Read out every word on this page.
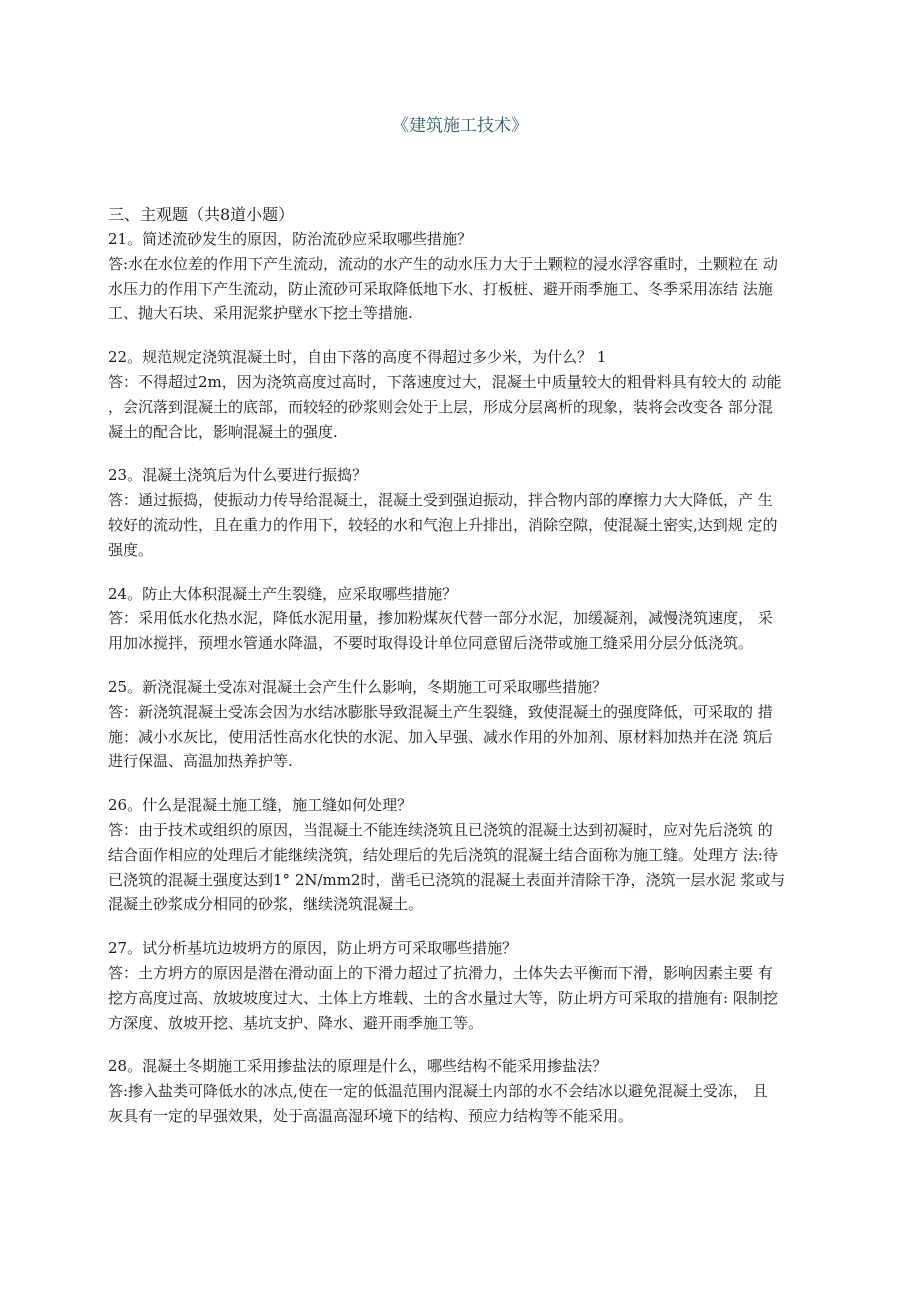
《建筑施工技术》
三、主观题（共8道小题）
21。简述流砂发生的原因，防治流砂应采取哪些措施？
答:水在水位差的作用下产生流动，流动的水产生的动水压力大于土颗粒的浸水浮容重时，土颗粒在 动
水压力的作用下产生流动，防止流砂可采取降低地下水、打板桩、避开雨季施工、冬季采用冻结 法施
工、抛大石块、采用泥浆护壁水下挖土等措施.
22。规范规定浇筑混凝土时，自由下落的高度不得超过多少米，为什么？ 1
答：不得超过2m，因为浇筑高度过高时，下落速度过大，混凝土中质量较大的粗骨料具有较大的 动能
，会沉落到混凝土的底部，而较轻的砂浆则会处于上层，形成分层离析的现象，装将会改变各 部分混
凝土的配合比，影响混凝土的强度.
23。混凝土浇筑后为什么要进行振捣？
答：通过振捣，使振动力传导给混凝土，混凝土受到强迫振动，拌合物内部的摩擦力大大降低，产 生
较好的流动性，且在重力的作用下，较轻的水和气泡上升排出，消除空隙，使混凝土密实,达到规 定的
强度。
24。防止大体积混凝土产生裂缝，应采取哪些措施？
答：采用低水化热水泥，降低水泥用量，掺加粉煤灰代替一部分水泥，加缓凝剂，减慢浇筑速度， 采
用加冰搅拌，预埋水管通水降温，不要时取得设计单位同意留后浇带或施工缝采用分层分低浇筑。
25。新浇混凝土受冻对混凝土会产生什么影响，冬期施工可采取哪些措施？
答：新浇筑混凝土受冻会因为水结冰膨胀导致混凝土产生裂缝，致使混凝土的强度降低，可采取的 措
施：减小水灰比，使用活性高水化快的水泥、加入早强、减水作用的外加剂、原材料加热并在浇 筑后
进行保温、高温加热养护等.
26。什么是混凝土施工缝，施工缝如何处理？
答：由于技术或组织的原因，当混凝土不能连续浇筑且已浇筑的混凝土达到初凝时，应对先后浇筑 的
结合面作相应的处理后才能继续浇筑，结处理后的先后浇筑的混凝土结合面称为施工缝。处理方 法:待
已浇筑的混凝土强度达到1° 2N/mm2时，凿毛已浇筑的混凝土表面并清除干净，浇筑一层水泥 浆或与
混凝土砂浆成分相同的砂浆，继续浇筑混凝土。
27。试分析基坑边坡坍方的原因，防止坍方可采取哪些措施？
答：土方坍方的原因是潜在滑动面上的下滑力超过了抗滑力，土体失去平衡而下滑，影响因素主要 有
挖方高度过高、放坡坡度过大、土体上方堆载、土的含水量过大等，防止坍方可采取的措施有: 限制挖
方深度、放坡开挖、基坑支护、降水、避开雨季施工等。
28。混凝土冬期施工采用掺盐法的原理是什么，哪些结构不能采用掺盐法？
答:掺入盐类可降低水的冰点,使在一定的低温范围内混凝土内部的水不会结冰以避免混凝土受冻， 且
灰具有一定的早强效果，处于高温高湿环境下的结构、预应力结构等不能采用。
